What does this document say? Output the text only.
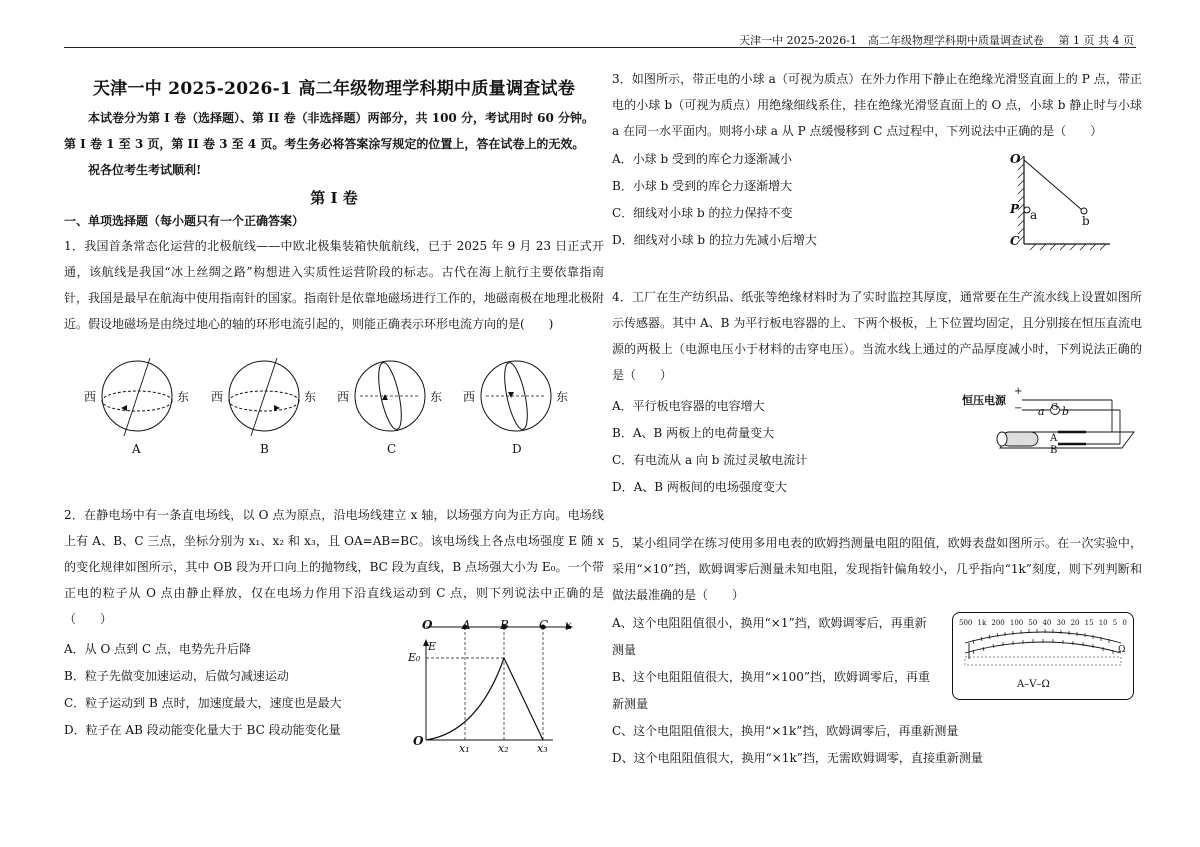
天津一中 2025-2026-1　高二年级物理学科期中质量调查试卷　 第 1 页 共 4 页
天津一中 2025-2026-1 高二年级物理学科期中质量调查试卷
本试卷分为第 I 卷（选择题）、第 II 卷（非选择题）两部分，共 100 分，考试用时 60 分钟。
第 I 卷 1 至 3 页，第 II 卷 3 至 4 页。考生务必将答案涂写规定的位置上，答在试卷上的无效。
祝各位考生考试顺利!
第 I 卷
一、单项选择题（每小题只有一个正确答案）
1．我国首条常态化运营的北极航线——中欧北极集装箱快航航线，已于 2025 年 9 月 23 日正式开通，该航线是我国“冰上丝绸之路”构想进入实质性运营阶段的标志。古代在海上航行主要依靠指南针，我国是最早在航海中使用指南针的国家。指南针是依靠地磁场进行工作的，地磁南极在地理北极附近。假设地磁场是由绕过地心的轴的环形电流引起的，则能正确表示环形电流方向的是(　　)
西	东 西	东 西	东 西	东
A	B	C	D
2．在静电场中有一条直电场线，以 O 点为原点，沿电场线建立 x 轴，以场强方向为正方向。电场线上有 A、B、C 三点，坐标分别为 x₁、x₂ 和 x₃，且 OA=AB=BC。该电场线上各点电场强度 E 随 x 的变化规律如图所示，其中 OB 段为开口向上的抛物线，BC 段为直线，B 点场强大小为 E₀。一个带正电的粒子从 O 点由静止释放，仅在电场力作用下沿直线运动到 C 点，则下列说法中正确的是（　　）
A．从 O 点到 C 点，电势先升后降
B．粒子先做变加速运动，后做匀减速运动
C．粒子运动到 B 点时，加速度最大，速度也是最大
D．粒子在 AB 段动能变化量大于 BC 段动能变化量
O A B	C x
E
E₀
O
x₁	x₂	x₃
3．如图所示，带正电的小球 a（可视为质点）在外力作用下静止在绝缘光滑竖直面上的 P 点，带正电的小球 b（可视为质点）用绝缘细线系住，挂在绝缘光滑竖直面上的 O 点，小球 b 静止时与小球 a 在同一水平面内。则将小球 a 从 P 点缓慢移到 C 点过程中，下列说法中正确的是（　　）
A．小球 b 受到的库仑力逐渐减小
B．小球 b 受到的库仑力逐渐增大
C．细线对小球 b 的拉力保持不变
D．细线对小球 b 的拉力先减小后增大
O
P
C
a	b
4．工厂在生产纺织品、纸张等绝缘材料时为了实时监控其厚度，通常要在生产流水线上设置如图所示传感器。其中 A、B 为平行板电容器的上、下两个极板，上下位置均固定，且分别接在恒压直流电源的两极上（电源电压小于材料的击穿电压）。当流水线上通过的产品厚度减小时，下列说法正确的是（　　）
A．平行板电容器的电容增大
B．A、B 两板上的电荷量变大
C．有电流从 a 向 b 流过灵敏电流计
D．A、B 两板间的电场强度变大
恒压电源
+
− a G b
A
B
5．某小组同学在练习使用多用电表的欧姆挡测量电阻的阻值，欧姆表盘如图所示。在一次实验中，采用“×10”挡，欧姆调零后测量未知电阻，发现指针偏角较小，几乎指向“1k”刻度，则下列判断和做法最准确的是（　　）
A、这个电阻阻值很小，换用“×1”挡，欧姆调零后，再重新
测量
B、这个电阻阻值很大，换用“×100”挡，欧姆调零后，再重
新测量
C、这个电阻阻值很大，换用“×1k”挡，欧姆调零后，再重新测量
D、这个电阻阻值很大，换用“×1k”挡，无需欧姆调零，直接重新测量
500 1k 200 100 50 40 30 20 15 10 5 0
Ω
A–V–Ω
